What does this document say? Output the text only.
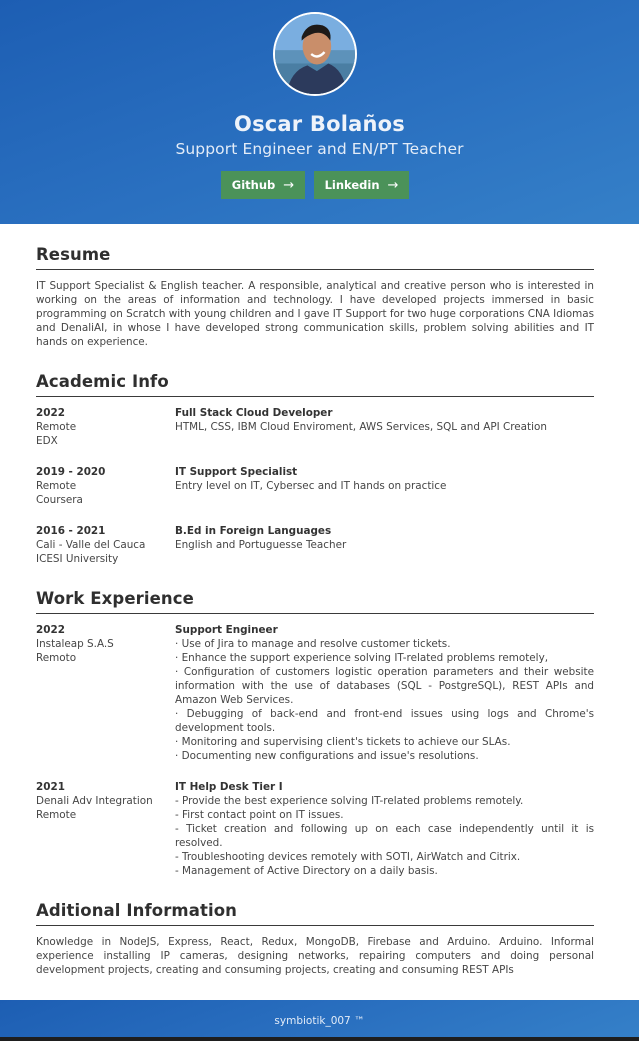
Oscar Bolaños
Support Engineer and EN/PT Teacher
Github →	Linkedin →
Resume

IT Support Specialist & English teacher. A responsible, analytical and creative person who is interested in working on the areas of information and technology. I have developed projects immersed in basic programming on Scratch with young children and I gave IT Support for two huge corporations CNA Idiomas and DenaliAI, in whose I have developed strong communication skills, problem solving abilities and IT hands on experience.

Academic Info
2022
Remote
EDX
Full Stack Cloud Developer
HTML, CSS, IBM Cloud Enviroment, AWS Services, SQL and API Creation
2019 - 2020
Remote
Coursera
IT Support Specialist
Entry level on IT, Cybersec and IT hands on practice
2016 - 2021
Cali - Valle del Cauca
ICESI University
B.Ed in Foreign Languages
English and Portuguesse Teacher
Work Experience
2022
Instaleap S.A.S
Remoto
Support Engineer
· Use of Jira to manage and resolve customer tickets.
· Enhance the support experience solving IT-related problems remotely,
· Configuration of customers logistic operation parameters and their website information with the use of databases (SQL - PostgreSQL), REST APIs and Amazon Web Services.
· Debugging of back-end and front-end issues using logs and Chrome's development tools.
· Monitoring and supervising client's tickets to achieve our SLAs.
· Documenting new configurations and issue's resolutions.
2021
Denali Adv Integration
Remote
IT Help Desk Tier I
- Provide the best experience solving IT-related problems remotely.
- First contact point on IT issues.
- Ticket creation and following up on each case independently until it is resolved.
- Troubleshooting devices remotely with SOTI, AirWatch and Citrix.
- Management of Active Directory on a daily basis.
Aditional Information

Knowledge in NodeJS, Express, React, Redux, MongoDB, Firebase and Arduino. Arduino. Informal experience installing IP cameras, designing networks, repairing computers and doing personal development projects, creating and consuming projects, creating and consuming REST APIs

symbiotik_007 ™
